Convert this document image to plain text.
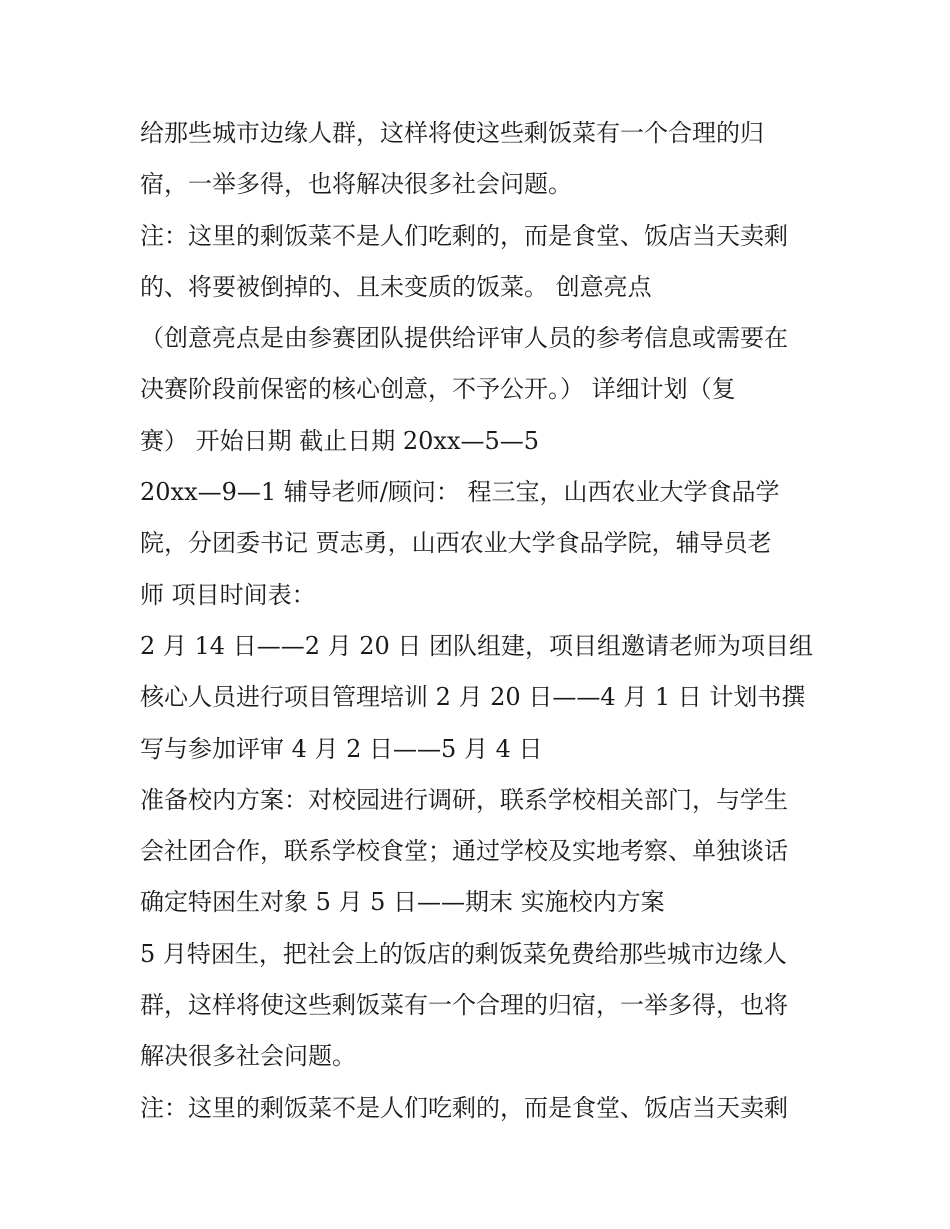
给那些城市边缘人群，这样将使这些剩饭菜有一个合理的归
宿，一举多得，也将解决很多社会问题。
注：这里的剩饭菜不是人们吃剩的，而是食堂、饭店当天卖剩
的、将要被倒掉的、且未变质的饭菜。 创意亮点
（创意亮点是由参赛团队提供给评审人员的参考信息或需要在
决赛阶段前保密的核心创意，不予公开。） 详细计划（复
赛） 开始日期 截止日期 20xx—5—5
20xx—9—1 辅导老师/顾问： 程三宝，山西农业大学食品学
院，分团委书记 贾志勇，山西农业大学食品学院，辅导员老
师 项目时间表：
2 月 14 日——2 月 20 日 团队组建，项目组邀请老师为项目组
核心人员进行项目管理培训 2 月 20 日——4 月 1 日 计划书撰
写与参加评审 4 月 2 日——5 月 4 日
准备校内方案：对校园进行调研，联系学校相关部门，与学生
会社团合作，联系学校食堂；通过学校及实地考察、单独谈话
确定特困生对象 5 月 5 日——期末 实施校内方案
5 月特困生，把社会上的饭店的剩饭菜免费给那些城市边缘人
群，这样将使这些剩饭菜有一个合理的归宿，一举多得，也将
解决很多社会问题。
注：这里的剩饭菜不是人们吃剩的，而是食堂、饭店当天卖剩
